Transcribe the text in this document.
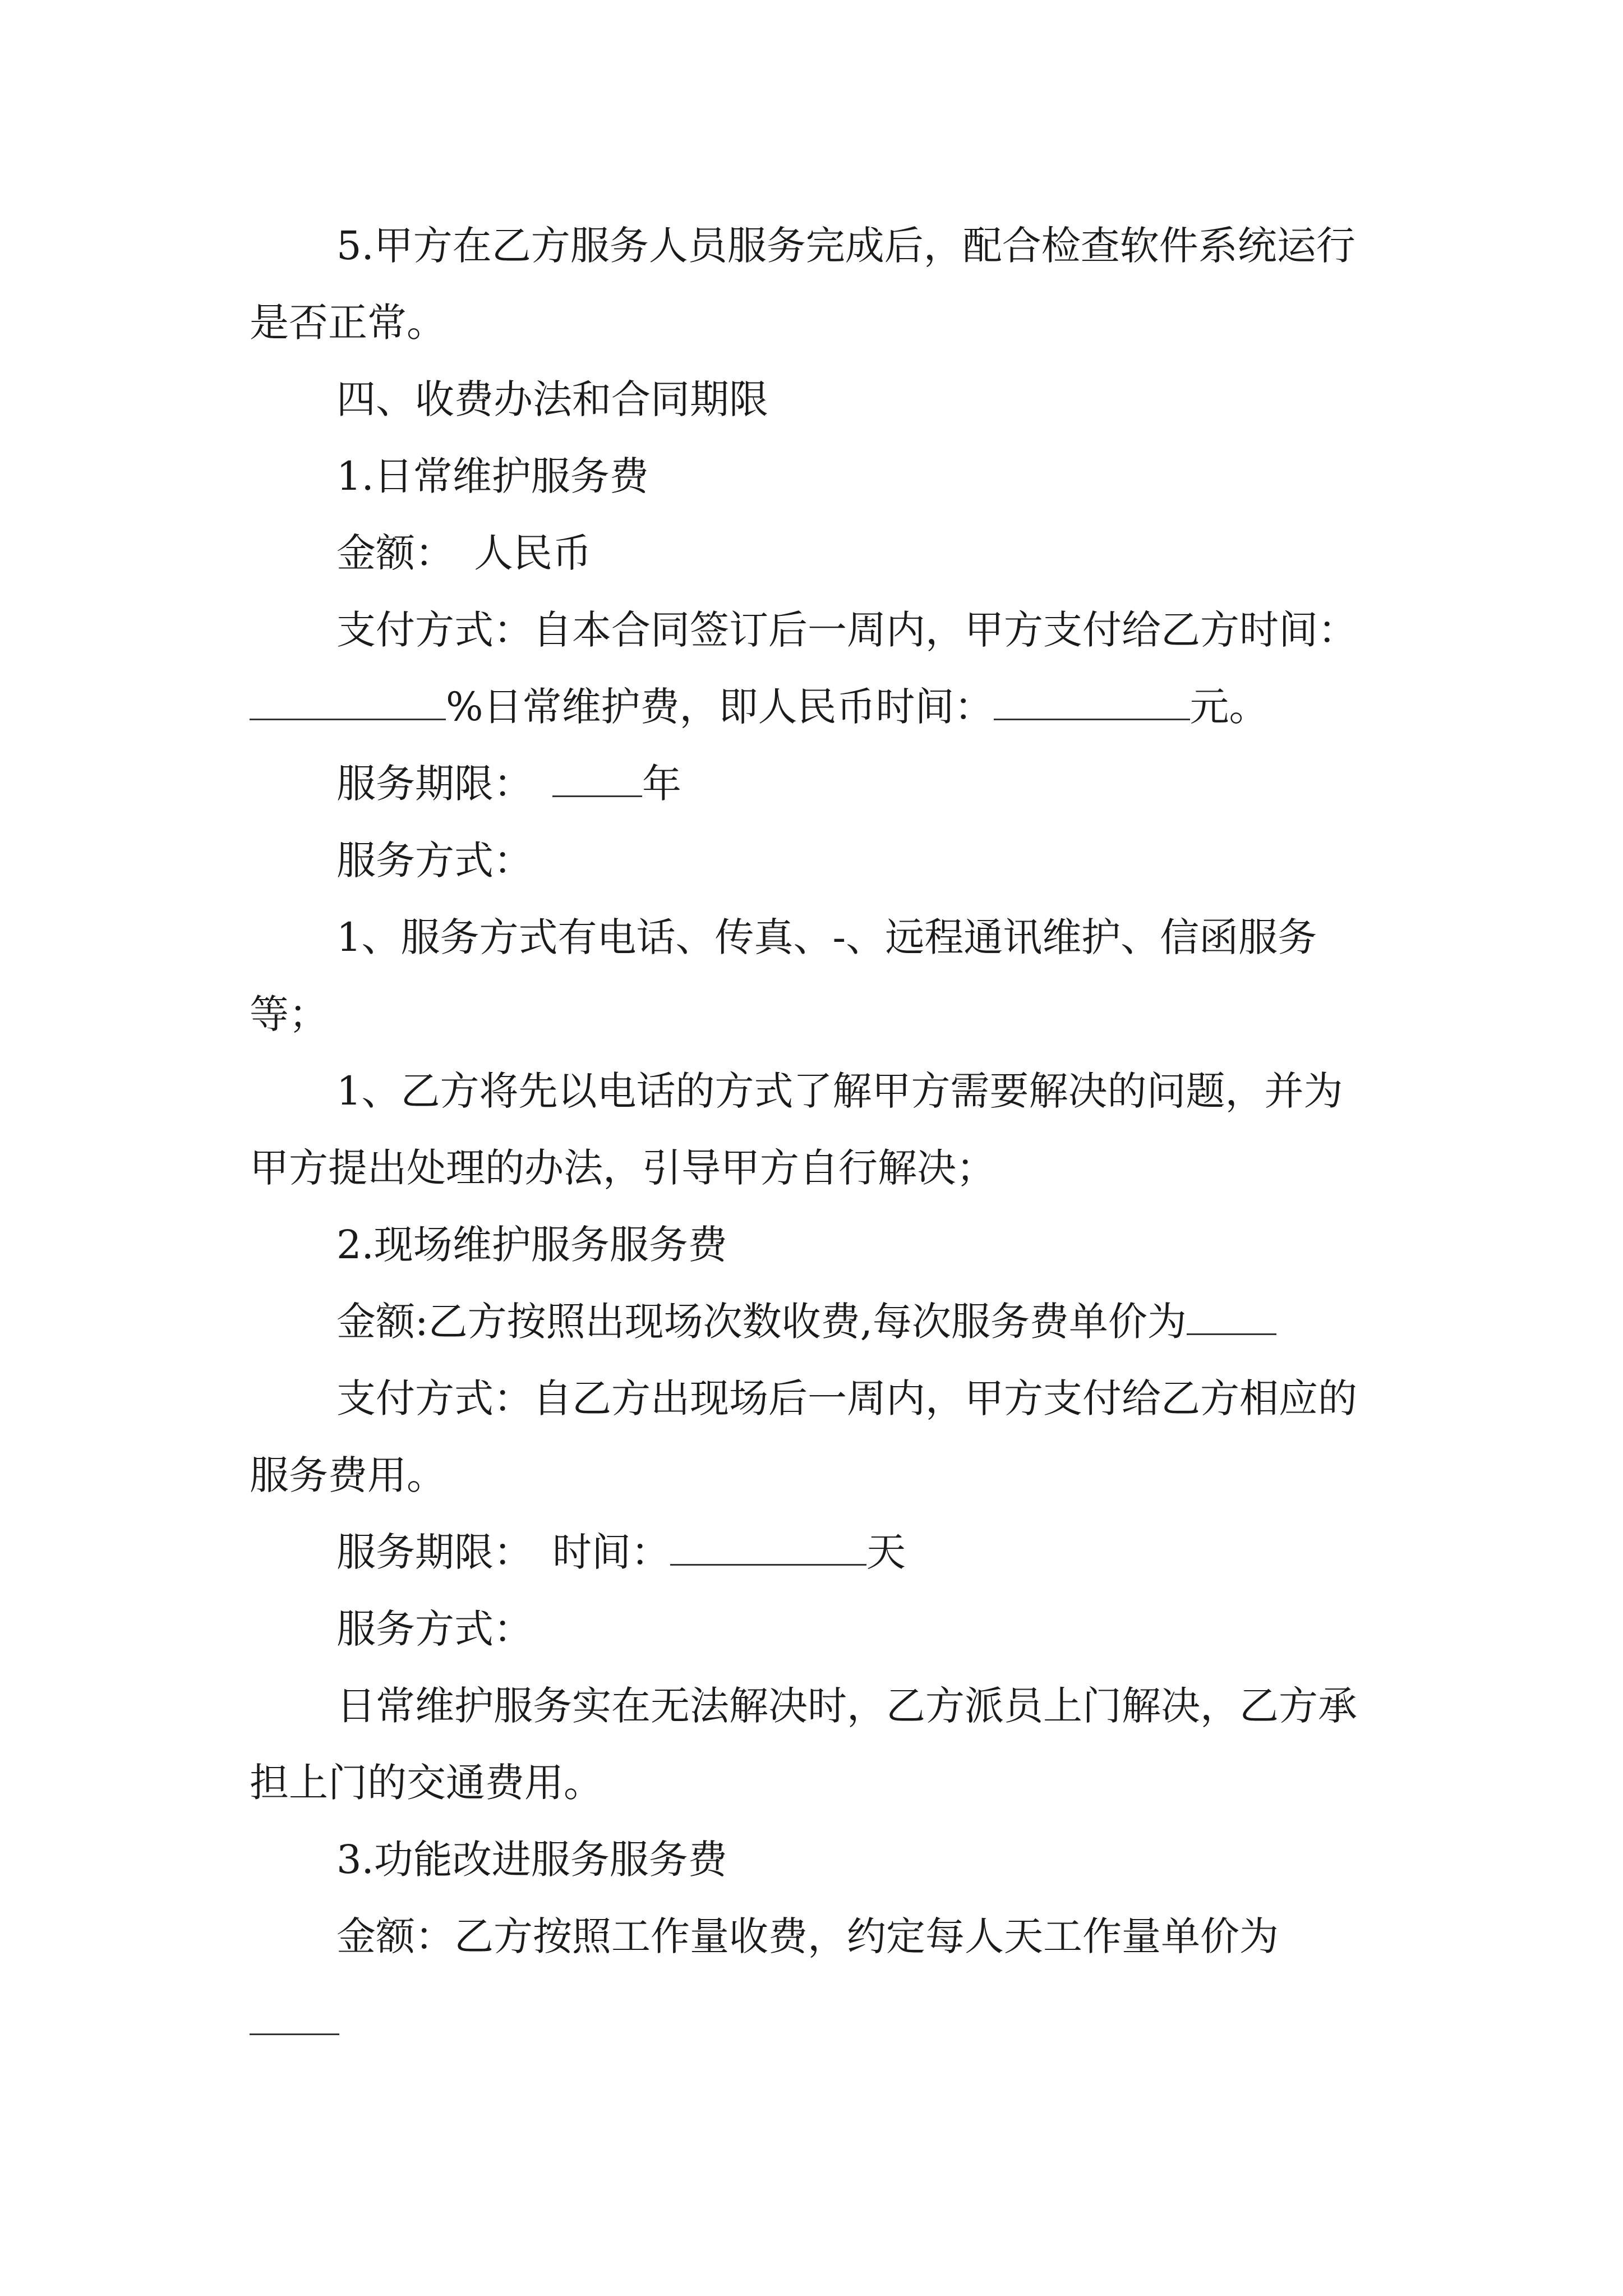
5.甲方在乙方服务人员服务完成后，配合检查软件系统运行是否正常。

四、收费办法和合同期限

1.日常维护服务费

金额：　人民币

支付方式：自本合同签订后一周内，甲方支付给乙方时间：%日常维护费，即人民币时间：	元。

服务期限：　年

服务方式：

1、服务方式有电话、传真、-、远程通讯维护、信函服务等；

1、乙方将先以电话的方式了解甲方需要解决的问题，并为甲方提出处理的办法，引导甲方自行解决；

2.现场维护服务服务费

金额:乙方按照出现场次数收费,每次服务费单价为

支付方式：自乙方出现场后一周内，甲方支付给乙方相应的服务费用。

服务期限：　时间：	天

服务方式：

日常维护服务实在无法解决时，乙方派员上门解决，乙方承担上门的交通费用。

3.功能改进服务服务费

金额：乙方按照工作量收费，约定每人天工作量单价为
